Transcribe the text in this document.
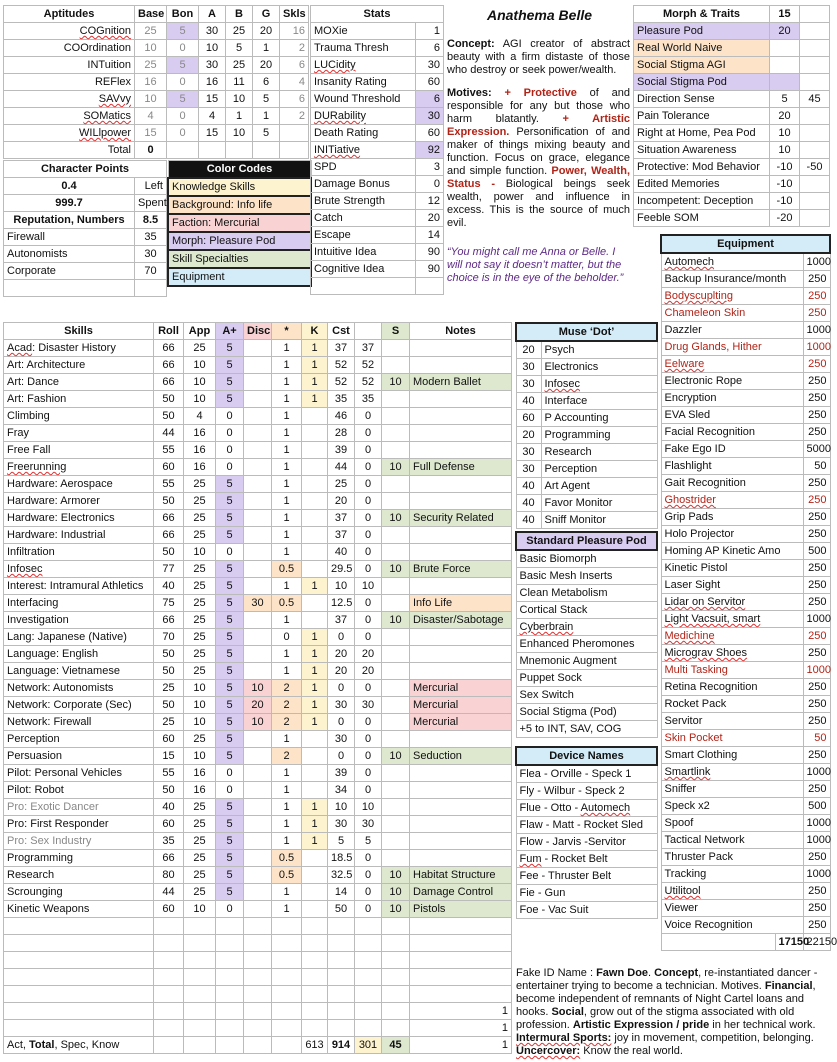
Aptitudes	Base	Bon	A	B	G	Skls
COGnition	25	5	30	25	20	16
COOrdination	10	0	10	5	1	2
INTuition	25	5	30	25	20	6
REFlex	16	0	16	11	6	4
SAVvy	10	5	15	10	5	6
SOMatics	4	0	4	1	1	2
WILlpower	15	0	15	10	5	
Total	0					
Character Points	
0.4	Left
999.7	Spent
Reputation, Numbers	8.5
Firewall	35
Autonomists	30
Corporate	70

Color Codes
Knowledge Skills
Background: Info life
Faction: Mercurial
Morph: Pleasure Pod
Skill Specialties
Equipment
Stats	
MOXie	1
Trauma Thresh	6
LUCidity	30
Insanity Rating	60
Wound Threshold	6
DURability	30
Death Rating	60
INITiative	92
SPD	3
Damage Bonus	0
Brute Strength	12
Catch	20
Escape	14
Intuitive Idea	90
Cognitive Idea	90

Anathema Belle
Concept: AGI creator of abstract beauty with a firm distaste of those who destroy or seek power/wealth.
Motives: + Protective of and responsible for any but those who harm blatantly. + Artistic Expression. Personification of and maker of things mixing beauty and function. Focus on grace, elegance and simple function. Power, Wealth, Status - Biological beings seek wealth, power and influence in excess. This is the source of much evil.
“You might call me Anna or Belle. I will not say it doesn’t matter, but the choice is in the eye of the beholder.”
Morph & Traits	15	
Pleasure Pod	20	
Real World Naive		
Social Stigma AGI		
Social Stigma Pod		
Direction Sense	5	45
Pain Tolerance	20	
Right at Home, Pea Pod	10	
Situation Awareness	10	
Protective: Mod Behavior	-10	-50
Edited Memories	-10	
Incompetent: Deception	-10	
Feeble SOM	-20	
Skills	Roll	App	A+	Disc	*	K	Cst		S	Notes
Acad: Disaster History	66	25	5		1	1	37	37		
Art: Architecture	66	10	5		1	1	52	52		
Art: Dance	66	10	5		1	1	52	52	10	Modern Ballet
Art: Fashion	50	10	5		1	1	35	35		
Climbing	50	4	0		1		46	0		
Fray	44	16	0		1		28	0		
Free Fall	55	16	0		1		39	0		
Freerunning	60	16	0		1		44	0	10	Full Defense
Hardware: Aerospace	55	25	5		1		25	0		
Hardware: Armorer	50	25	5		1		20	0		
Hardware: Electronics	66	25	5		1		37	0	10	Security Related
Hardware: Industrial	66	25	5		1		37	0		
Infiltration	50	10	0		1		40	0		
Infosec	77	25	5		0.5		29.5	0	10	Brute Force
Interest: Intramural Athletics	40	25	5		1	1	10	10		
Interfacing	75	25	5	30	0.5		12.5	0		Info Life
Investigation	66	25	5		1		37	0	10	Disaster/Sabotage
Lang: Japanese (Native)	70	25	5		0	1	0	0		
Language: English	50	25	5		1	1	20	20		
Language: Vietnamese	50	25	5		1	1	20	20		
Network: Autonomists	25	10	5	10	2	1	0	0		Mercurial
Network: Corporate (Sec)	50	10	5	20	2	1	30	30		Mercurial
Network: Firewall	25	10	5	10	2	1	0	0		Mercurial
Perception	60	25	5		1		30	0		
Persuasion	15	10	5		2		0	0	10	Seduction
Pilot: Personal Vehicles	55	16	0		1		39	0		
Pilot: Robot	50	16	0		1		34	0		
Pro: Exotic Dancer	40	25	5		1	1	10	10		
Pro: First Responder	60	25	5		1	1	30	30		
Pro: Sex Industry	35	25	5		1	1	5	5		
Programming	66	25	5		0.5		18.5	0		
Research	80	25	5		0.5		32.5	0	10	Habitat Structure
Scrounging	44	25	5		1		14	0	10	Damage Control
Kinetic Weapons	60	10	0		1		50	0	10	Pistols

										1
										1
Act, Total, Spec, Know						613	914	301	45	1
Muse ‘Dot’	
20	Psych
30	Electronics
30	Infosec
40	Interface
60	P Accounting
20	Programming
30	Research
30	Perception
40	Art Agent
40	Favor Monitor
40	Sniff Monitor
Standard Pleasure Pod
Basic Biomorph
Basic Mesh Inserts
Clean Metabolism
Cortical Stack
Cyberbrain
Enhanced Pheromones
Mnemonic Augment
Puppet Sock
Sex Switch
Social Stigma (Pod)
+5 to INT, SAV, COG
Device Names
Flea - Orville - Speck 1
Fly - Wilbur - Speck 2
Flue - Otto - Automech
Flaw - Matt - Rocket Sled
Flow - Jarvis -Servitor
Fum - Rocket Belt
Fee - Thruster Belt
Fie - Gun
Foe - Vac Suit
Equipment		
Automech		1000
Backup Insurance/month		250
Bodyscuplting		250
Chameleon Skin		250
Dazzler		1000
Drug Glands, Hither		1000
Eelware		250
Electronic Rope		250
Encryption		250
EVA Sled		250
Facial Recognition		250
Fake Ego ID		5000
Flashlight		50
Gait Recognition		250
Ghostrider		250
Grip Pads		250
Holo Projector		250
Homing AP Kinetic Amo		500
Kinetic Pistol		250
Laser Sight		250
Lidar on Servitor		250
Light Vacsuit, smart		1000
Medichine		250
Micrograv Shoes		250
Multi Tasking		1000
Retina Recognition		250
Rocket Pack		250
Servitor		250
Skin Pocket		50
Smart Clothing		250
Smartlink		1000
Sniffer		250
Speck x2		500
Spoof		1000
Tactical Network		1000
Thruster Pack		250
Tracking		1000
Utilitool		250
Viewer		250
Voice Recognition		250
	17150	22150
Fake ID Name : Fawn Doe. Concept, re-instantiated dancer - entertainer trying to become a technician. Motives. Financial, become independent of remnants of Night Cartel loans and hooks. Social, grow out of the stigma associated with old profession. Artistic Expression / pride in her technical work. Intermural Sports: joy in movement, competition, belonging. Uncercover: Know the real world.
